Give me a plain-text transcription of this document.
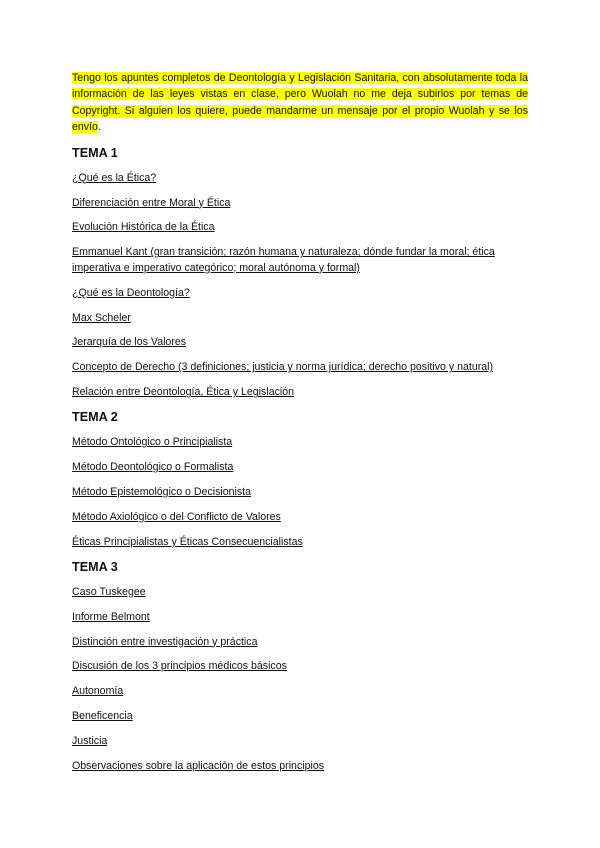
Tengo los apuntes completos de Deontología y Legislación Sanitaria, con absolutamente toda la información de las leyes vistas en clase, pero Wuolah no me deja subirlos por temas de Copyright. Si alguien los quiere, puede mandarme un mensaje por el propio Wuolah y se los envío.

TEMA 1
¿Qué es la Ética?
Diferenciación entre Moral y Ética
Evolución Histórica de la Ética
Emmanuel Kant (gran transición; razón humana y naturaleza; dónde fundar la moral; ética imperativa e imperativo categórico; moral autónoma y formal)
¿Qué es la Deontología?
Max Scheler
Jerarquía de los Valores
Concepto de Derecho (3 definiciones; justicia y norma jurídica; derecho positivo y natural)
Relación entre Deontología, Ética y Legislación
TEMA 2
Método Ontológico o Principialista
Método Deontológico o Formalista
Método Epistemológico o Decisionista
Método Axiológico o del Conflicto de Valores
Éticas Principialistas y Éticas Consecuencialistas
TEMA 3
Caso Tuskegee
Informe Belmont
Distinción entre investigación y práctica
Discusión de los 3 principios médicos básicos
Autonomía
Beneficencia
Justicia
Observaciones sobre la aplicación de estos principios
